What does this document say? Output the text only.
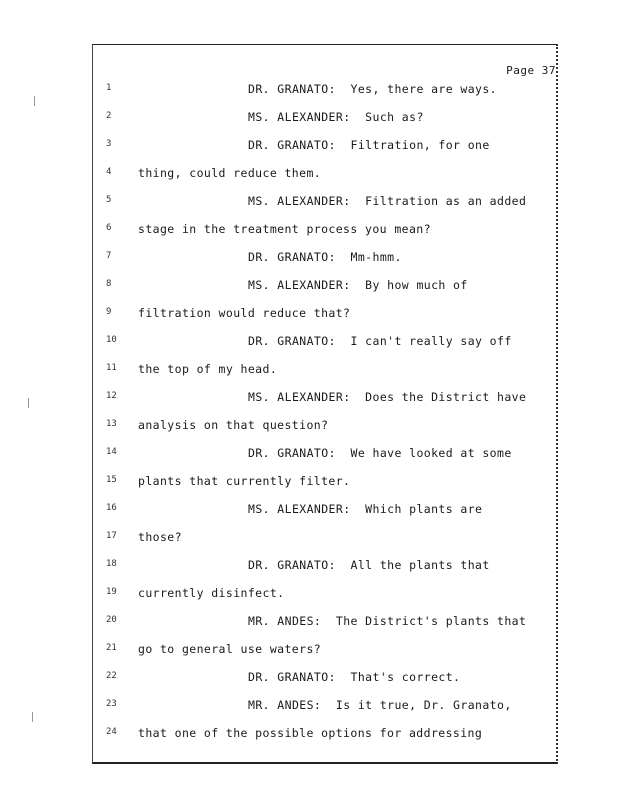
Page 37
1	DR. GRANATO:  Yes, there are ways.
2	MS. ALEXANDER:  Such as?
3	DR. GRANATO:  Filtration, for one
4	thing, could reduce them.
5	MS. ALEXANDER:  Filtration as an added
6	stage in the treatment process you mean?
7	DR. GRANATO:  Mm-hmm.
8	MS. ALEXANDER:  By how much of
9	filtration would reduce that?
10	DR. GRANATO:  I can't really say off
11	the top of my head.
12	MS. ALEXANDER:  Does the District have
13	analysis on that question?
14	DR. GRANATO:  We have looked at some
15	plants that currently filter.
16	MS. ALEXANDER:  Which plants are
17	those?
18	DR. GRANATO:  All the plants that
19	currently disinfect.
20	MR. ANDES:  The District's plants that
21	go to general use waters?
22	DR. GRANATO:  That's correct.
23	MR. ANDES:  Is it true, Dr. Granato,
24	that one of the possible options for addressing
